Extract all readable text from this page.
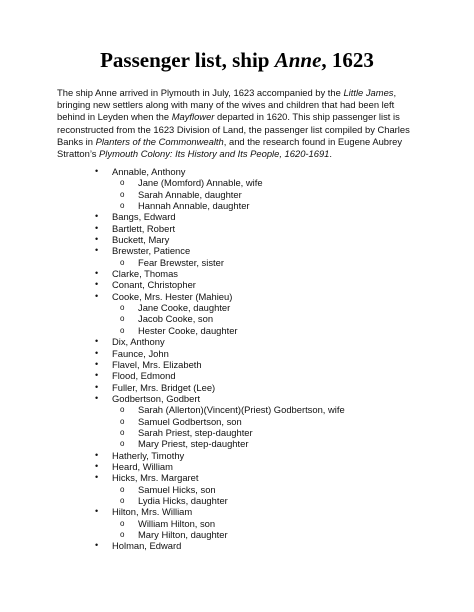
Passenger list, ship Anne, 1623

The ship Anne arrived in Plymouth in July, 1623 accompanied by the Little James, bringing new settlers along with many of the wives and children that had been left behind in Leyden when the Mayflower departed in 1620. This ship passenger list is reconstructed from the 1623 Division of Land, the passenger list compiled by Charles Banks in Planters of the Commonwealth, and the research found in Eugene Aubrey Stratton’s Plymouth Colony: Its History and Its People, 1620-1691.

• Annable, Anthony
o Jane (Momford) Annable, wife
o Sarah Annable, daughter
o Hannah Annable, daughter
• Bangs, Edward
• Bartlett, Robert
• Buckett, Mary
• Brewster, Patience
o Fear Brewster, sister
• Clarke, Thomas
• Conant, Christopher
• Cooke, Mrs. Hester (Mahieu)
o Jane Cooke, daughter
o Jacob Cooke, son
o Hester Cooke, daughter
• Dix, Anthony
• Faunce, John
• Flavel, Mrs. Elizabeth
• Flood, Edmond
• Fuller, Mrs. Bridget (Lee)
• Godbertson, Godbert
o Sarah (Allerton)(Vincent)(Priest) Godbertson, wife
o Samuel Godbertson, son
o Sarah Priest, step-daughter
o Mary Priest, step-daughter
• Hatherly, Timothy
• Heard, William
• Hicks, Mrs. Margaret
o Samuel Hicks, son
o Lydia Hicks, daughter
• Hilton, Mrs. William
o William Hilton, son
o Mary Hilton, daughter
• Holman, Edward
